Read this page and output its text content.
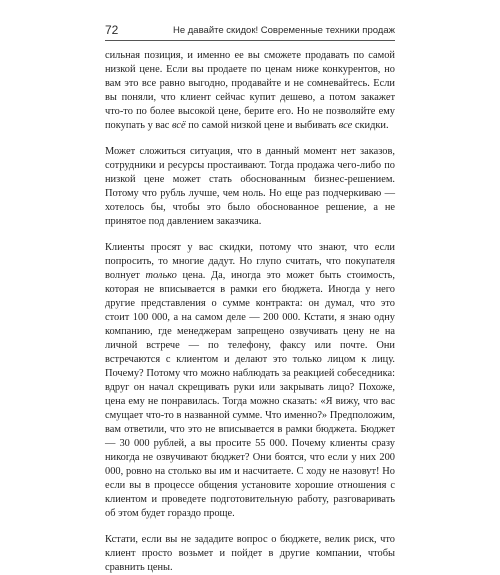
72	Не давайте скидок! Современные техники продаж

сильная позиция, и именно ее вы сможете продавать по самой низкой цене. Если вы продаете по ценам ниже конкурентов, но вам это все равно выгодно, продавайте и не сомневайтесь. Если вы поняли, что клиент сейчас купит дешево, а потом закажет что-то по более высокой цене, берите его. Но не позволяйте ему покупать у вас всё по самой низкой цене и выбивать все скидки.

Может сложиться ситуация, что в данный момент нет заказов, сотрудники и ресурсы простаивают. Тогда продажа чего-либо по низкой цене может стать обоснованным бизнес-решением. Потому что рубль лучше, чем ноль. Но еще раз подчеркиваю — хотелось бы, чтобы это было обоснованное решение, а не принятое под давлением заказчика.

Клиенты просят у вас скидки, потому что знают, что если попросить, то многие дадут. Но глупо считать, что покупателя волнует только цена. Да, иногда это может быть стоимость, которая не вписывается в рамки его бюджета. Иногда у него другие представления о сумме контракта: он думал, что это стоит 100 000, а на самом деле — 200 000. Кстати, я знаю одну компанию, где менеджерам запрещено озвучивать цену не на личной встрече — по телефону, факсу или почте. Они встречаются с клиентом и делают это только лицом к лицу. Почему? Потому что можно наблюдать за реакцией собеседника: вдруг он начал скрещивать руки или закрывать лицо? Похоже, цена ему не понравилась. Тогда можно сказать: «Я вижу, что вас смущает что-то в названной сумме. Что именно?» Предположим, вам ответили, что это не вписывается в рамки бюджета. Бюджет — 30 000 рублей, а вы просите 55 000. Почему клиенты сразу никогда не озвучивают бюджет? Они боятся, что если у них 200 000, ровно на столько вы им и насчитаете. С ходу не назовут! Но если вы в процессе общения установите хорошие отношения с клиентом и проведете подготовительную работу, разговаривать об этом будет гораздо проще.

Кстати, если вы не зададите вопрос о бюджете, велик риск, что клиент просто возьмет и пойдет в другие компании, чтобы сравнить цены.
